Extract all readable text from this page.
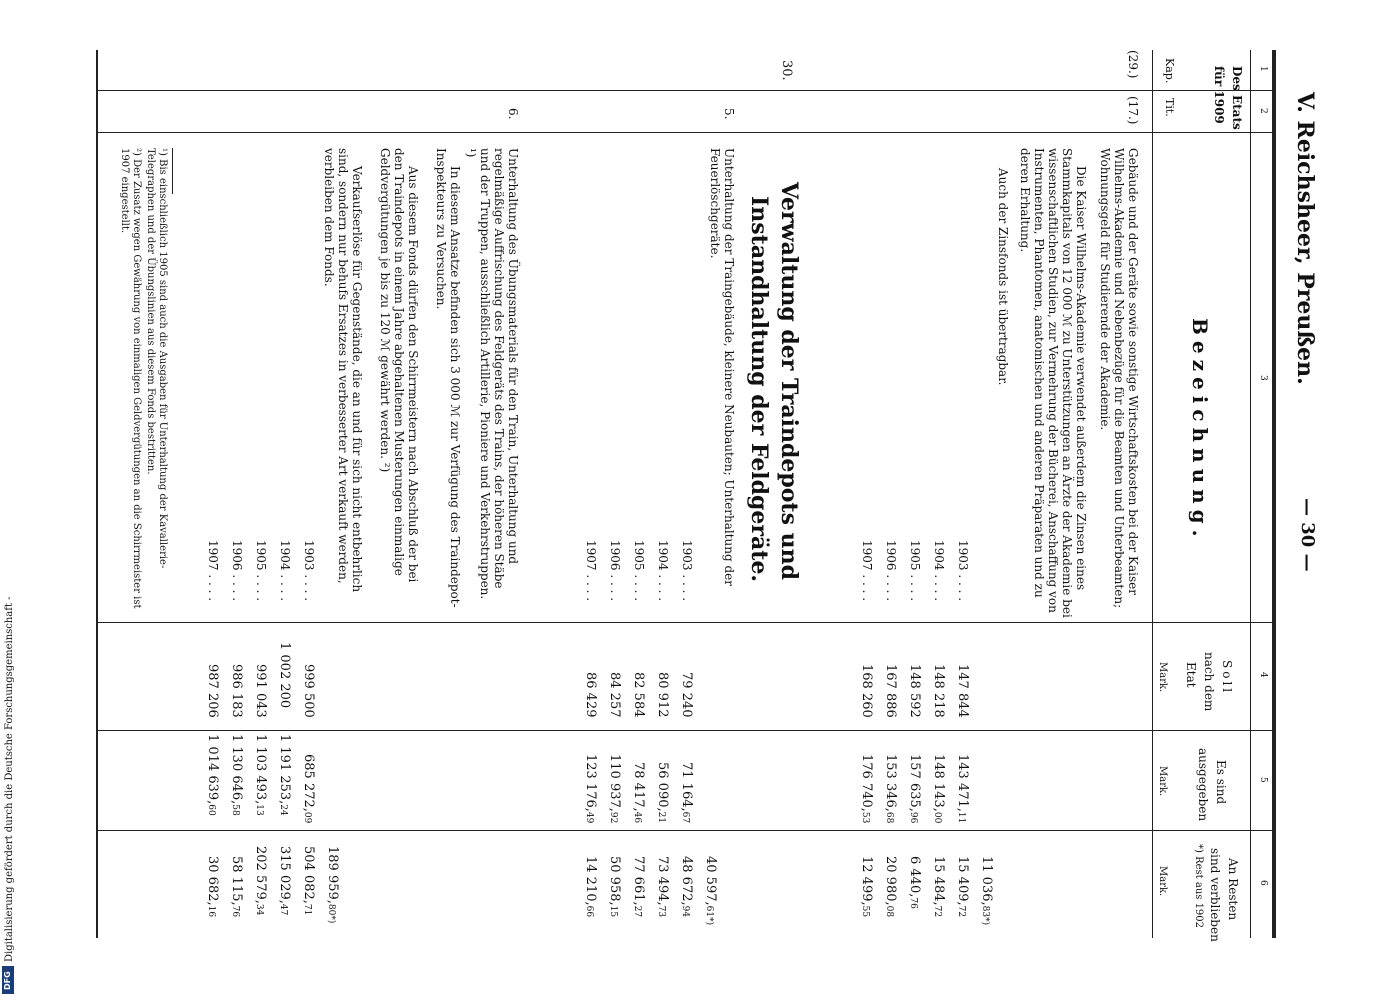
V. Reichsheer, Preußen.
— 30 —
1
2
3
4
5
6
Des Etats
für 1909
Kap.
Tit.
Bezeichnung.
Soll
nach dem
Etat
Mark.
Es sind
ausgegeben
Mark.
An Resten
sind verblieben
*) Rest aus 1902
Mark.
(29.)
(17.)
Gebäude und der Geräte sowie sonstige Wirtschaftskosten bei der Kaiser Wilhelms-Akademie und Nebenbezüge für die Beamten und Unterbeamten; Wohnungsgeld für Studierende der Akademie.
Die Kaiser Wilhelms-Akademie verwendet außerdem die Zinsen eines Stammkapitals von 12 000 ℳ zu Unterstützungen an Ärzte der Akademie bei wissenschaftlichen Studien, zur Vermehrung der Bücherei, Anschaffung von Instrumenten, Phantomen, anatomischen und anderen Präparaten und zu deren Erhaltung.
Auch der Zinsfonds ist übertragbar.
1903 . . . .
1904 . . . .
1905 . . . .
1906 . . . .
1907 . . . .
147 844
148 218
148 592
167 886
168 260
143 471,11
148 143,00
157 635,96
153 346,68
176 740,53
11 036,83*)
15 409,72
15 484,72
6 440,76
20 980,08
12 499,55
30.
Verwaltung der Traindepots und
Instandhaltung der Feldgeräte.
5.
Unterhaltung der Traingebäude, kleinere Neubauten; Unterhaltung der Feuerlöschgeräte.
1903 . . . .
1904 . . . .
1905 . . . .
1906 . . . .
1907 . . . .
79 240
80 912
82 584
84 257
86 429
71 164,67
56 090,21
78 417,46
110 937,92
123 176,49
40 597,61*)
48 672,94
73 494,73
77 661,27
50 958,15
14 210,66
6.
Unterhaltung des Übungsmaterials für den Train, Unterhaltung und regelmäßige Auffrischung des Feldgeräts des Trains, der höheren Stäbe und der Truppen, ausschließlich Artillerie, Pioniere und Verkehrstruppen. ¹)
In diesem Ansatze befinden sich 3 000 ℳ zur Verfügung des Traindepot-Inspekteurs zu Versuchen.
Aus diesem Fonds dürfen den Schirrmeistern nach Abschluß der bei den Traindepots in einem Jahre abgehaltenen Musterungen einmalige Geldvergütungen je bis zu 120 ℳ gewährt werden. ²)
Verkaufserlöse für Gegenstände, die an und für sich nicht entbehrlich sind, sondern nur behufs Ersatzes in verbesserter Art verkauft werden, verbleiben dem Fonds.
1903 . . . .
1904 . . . .
1905 . . . .
1906 . . . .
1907 . . . .
999 500
1 002 200
991 043
986 183
987 206
685 272,09
1 191 253,24
1 103 493,13
1 130 646,58
1 014 639,60
189 959,80*)
504 082,71
315 029,47
202 579,34
58 115,76
30 682,16
¹) Bis einschließlich 1905 sind auch die Ausgaben für Unterhaltung der Kavallerie-Telegraphen und der Übungslinien aus diesem Fonds bestritten.
²) Der Zusatz wegen Gewährung von einmaligen Geldvergütungen an die Schirrmeister ist 1907 eingestellt.
Digitalisierung gefördert durch die Deutsche Forschungsgemeinschaft -
DFG
